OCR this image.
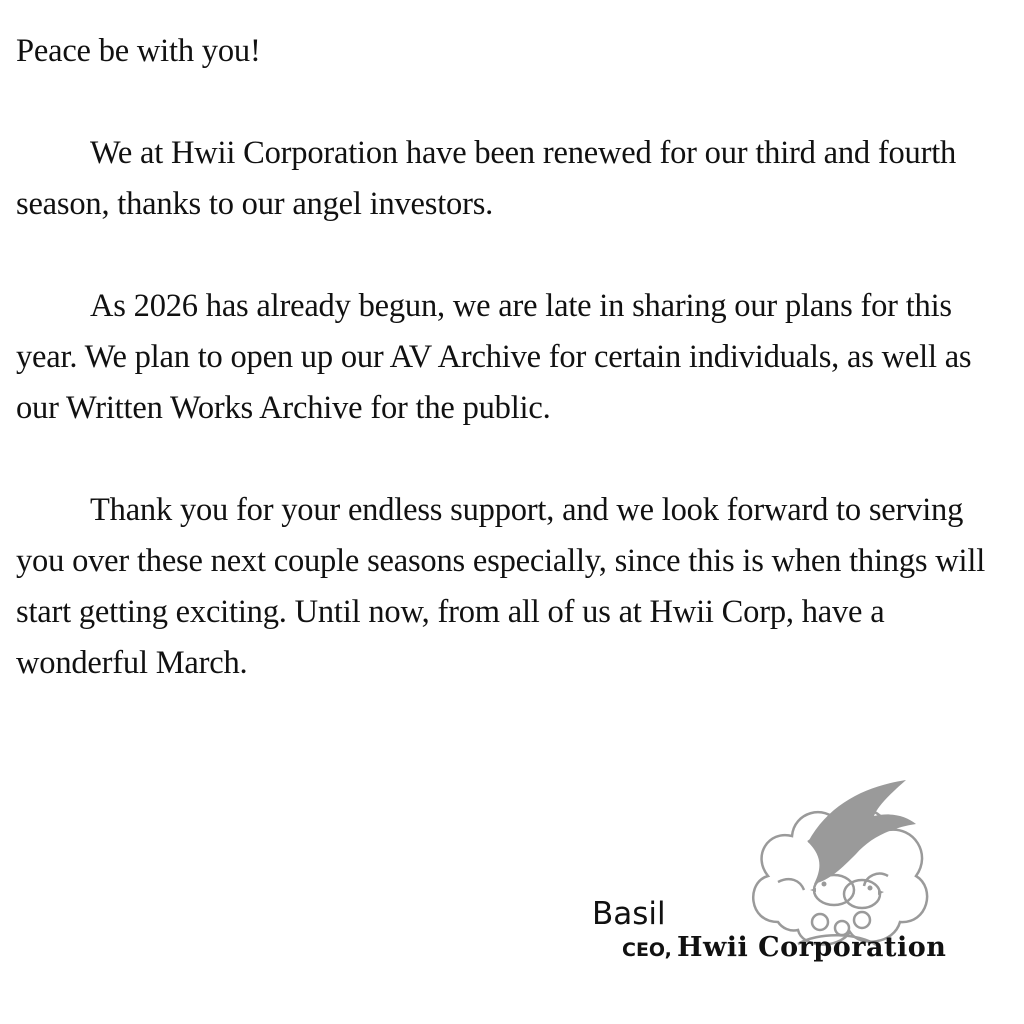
Peace be with you!

We at Hwii Corporation have been renewed for our third and fourth season, thanks to our angel investors.

As 2026 has already begun, we are late in sharing our plans for this year. We plan to open up our AV Archive for certain individuals, as well as our Written Works Archive for the public.

Thank you for your endless support, and we look forward to serving you over these next couple seasons especially, since this is when things will start getting exciting. Until now, from all of us at Hwii Corp, have a wonderful March.

Basil
CEO, Hwii Corporation
